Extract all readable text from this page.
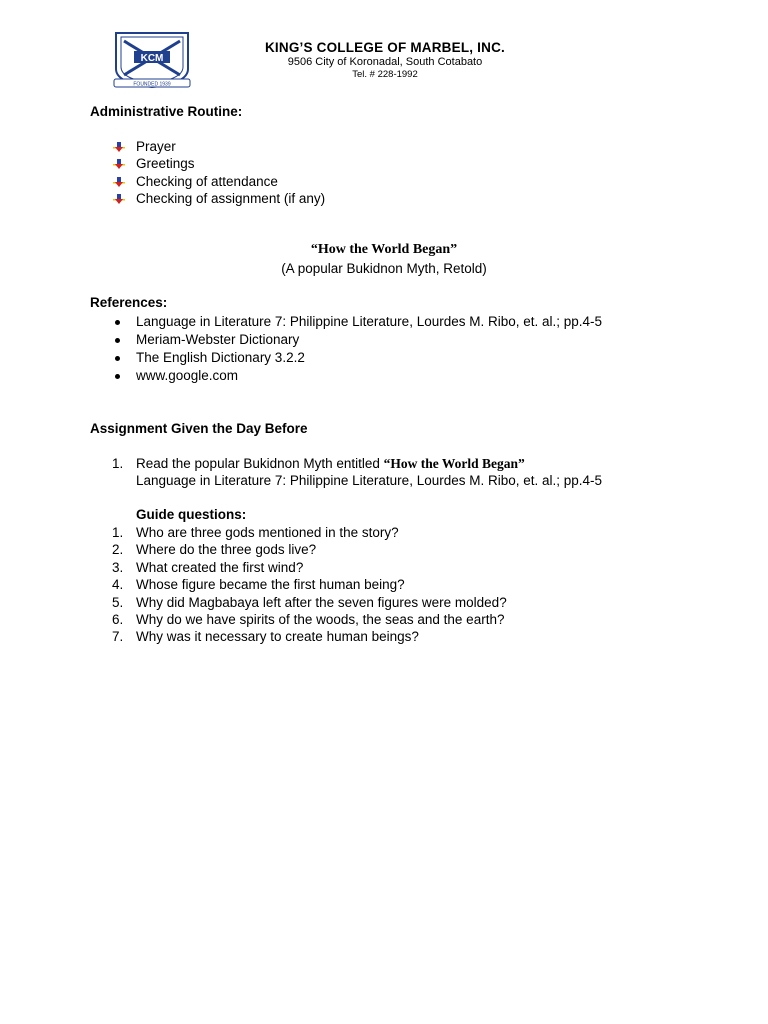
KCM
FOUNDED 1939
KING’S COLLEGE OF MARBEL, INC.
9506 City of Koronadal, South Cotabato
Tel. # 228-1992
Administrative Routine:
Prayer
Greetings
Checking of attendance
Checking of assignment (if any)
“How the World Began”
(A popular Bukidnon Myth, Retold)
References:
Language in Literature 7: Philippine Literature, Lourdes M. Ribo, et. al.; pp.4-5
Meriam-Webster Dictionary
The English Dictionary 3.2.2
www.google.com
Assignment Given the Day Before
1. Read the popular Bukidnon Myth entitled “How the World Began”
Language in Literature 7: Philippine Literature, Lourdes M. Ribo, et. al.; pp.4-5
Guide questions:
1. Who are three gods mentioned in the story?
2. Where do the three gods live?
3. What created the first wind?
4. Whose figure became the first human being?
5. Why did Magbabaya left after the seven figures were molded?
6. Why do we have spirits of the woods, the seas and the earth?
7. Why was it necessary to create human beings?
